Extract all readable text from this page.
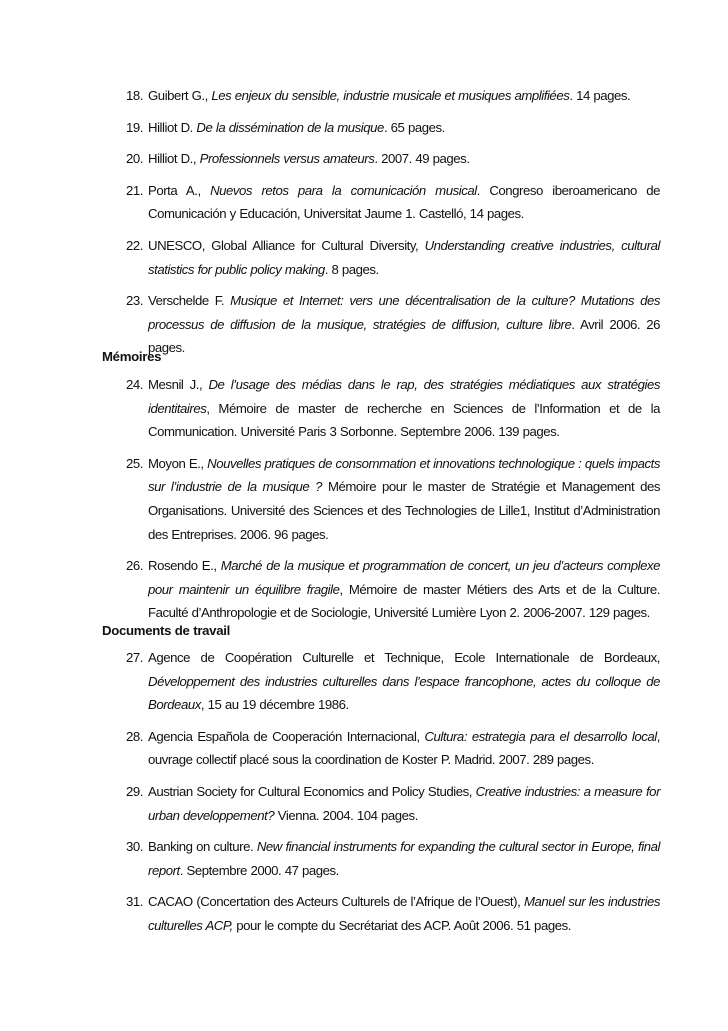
18. Guibert G., Les enjeux du sensible, industrie musicale et musiques amplifiées. 14 pages.
19. Hilliot D. De la dissémination de la musique. 65 pages.
20. Hilliot D., Professionnels versus amateurs. 2007. 49 pages.
21. Porta A., Nuevos retos para la comunicación musical. Congreso iberoamericano de Comunicación y Educación, Universitat Jaume 1. Castelló, 14 pages.
22. UNESCO, Global Alliance for Cultural Diversity, Understanding creative industries, cultural statistics for public policy making. 8 pages.
23. Verschelde F. Musique et Internet: vers une décentralisation de la culture? Mutations des processus de diffusion de la musique, stratégies de diffusion, culture libre. Avril 2006. 26 pages.
Mémoires
24. Mesnil J., De l’usage des médias dans le rap, des stratégies médiatiques aux stratégies identitaires, Mémoire de master de recherche en Sciences de l’Information et de la Communication. Université Paris 3 Sorbonne. Septembre 2006. 139 pages.
25. Moyon E., Nouvelles pratiques de consommation et innovations technologique : quels impacts sur l’industrie de la musique ? Mémoire pour le master de Stratégie et Management des Organisations. Université des Sciences et des Technologies de Lille1, Institut d’Administration des Entreprises. 2006. 96 pages.
26. Rosendo E., Marché de la musique et programmation de concert, un jeu d’acteurs complexe pour maintenir un équilibre fragile, Mémoire de master Métiers des Arts et de la Culture. Faculté d’Anthropologie et de Sociologie, Université Lumière Lyon 2. 2006-2007. 129 pages.
Documents de travail
27. Agence de Coopération Culturelle et Technique, Ecole Internationale de Bordeaux, Développement des industries culturelles dans l’espace francophone, actes du colloque de Bordeaux, 15 au 19 décembre 1986.
28. Agencia Española de Cooperación Internacional, Cultura: estrategia para el desarrollo local, ouvrage collectif placé sous la coordination de Koster P. Madrid. 2007. 289 pages.
29. Austrian Society for Cultural Economics and Policy Studies, Creative industries: a measure for urban developpement? Vienna. 2004. 104 pages.
30. Banking on culture. New financial instruments for expanding the cultural sector in Europe, final report. Septembre 2000. 47 pages.
31. CACAO (Concertation des Acteurs Culturels de l’Afrique de l’Ouest), Manuel sur les industries culturelles ACP, pour le compte du Secrétariat des ACP. Août 2006. 51 pages.
